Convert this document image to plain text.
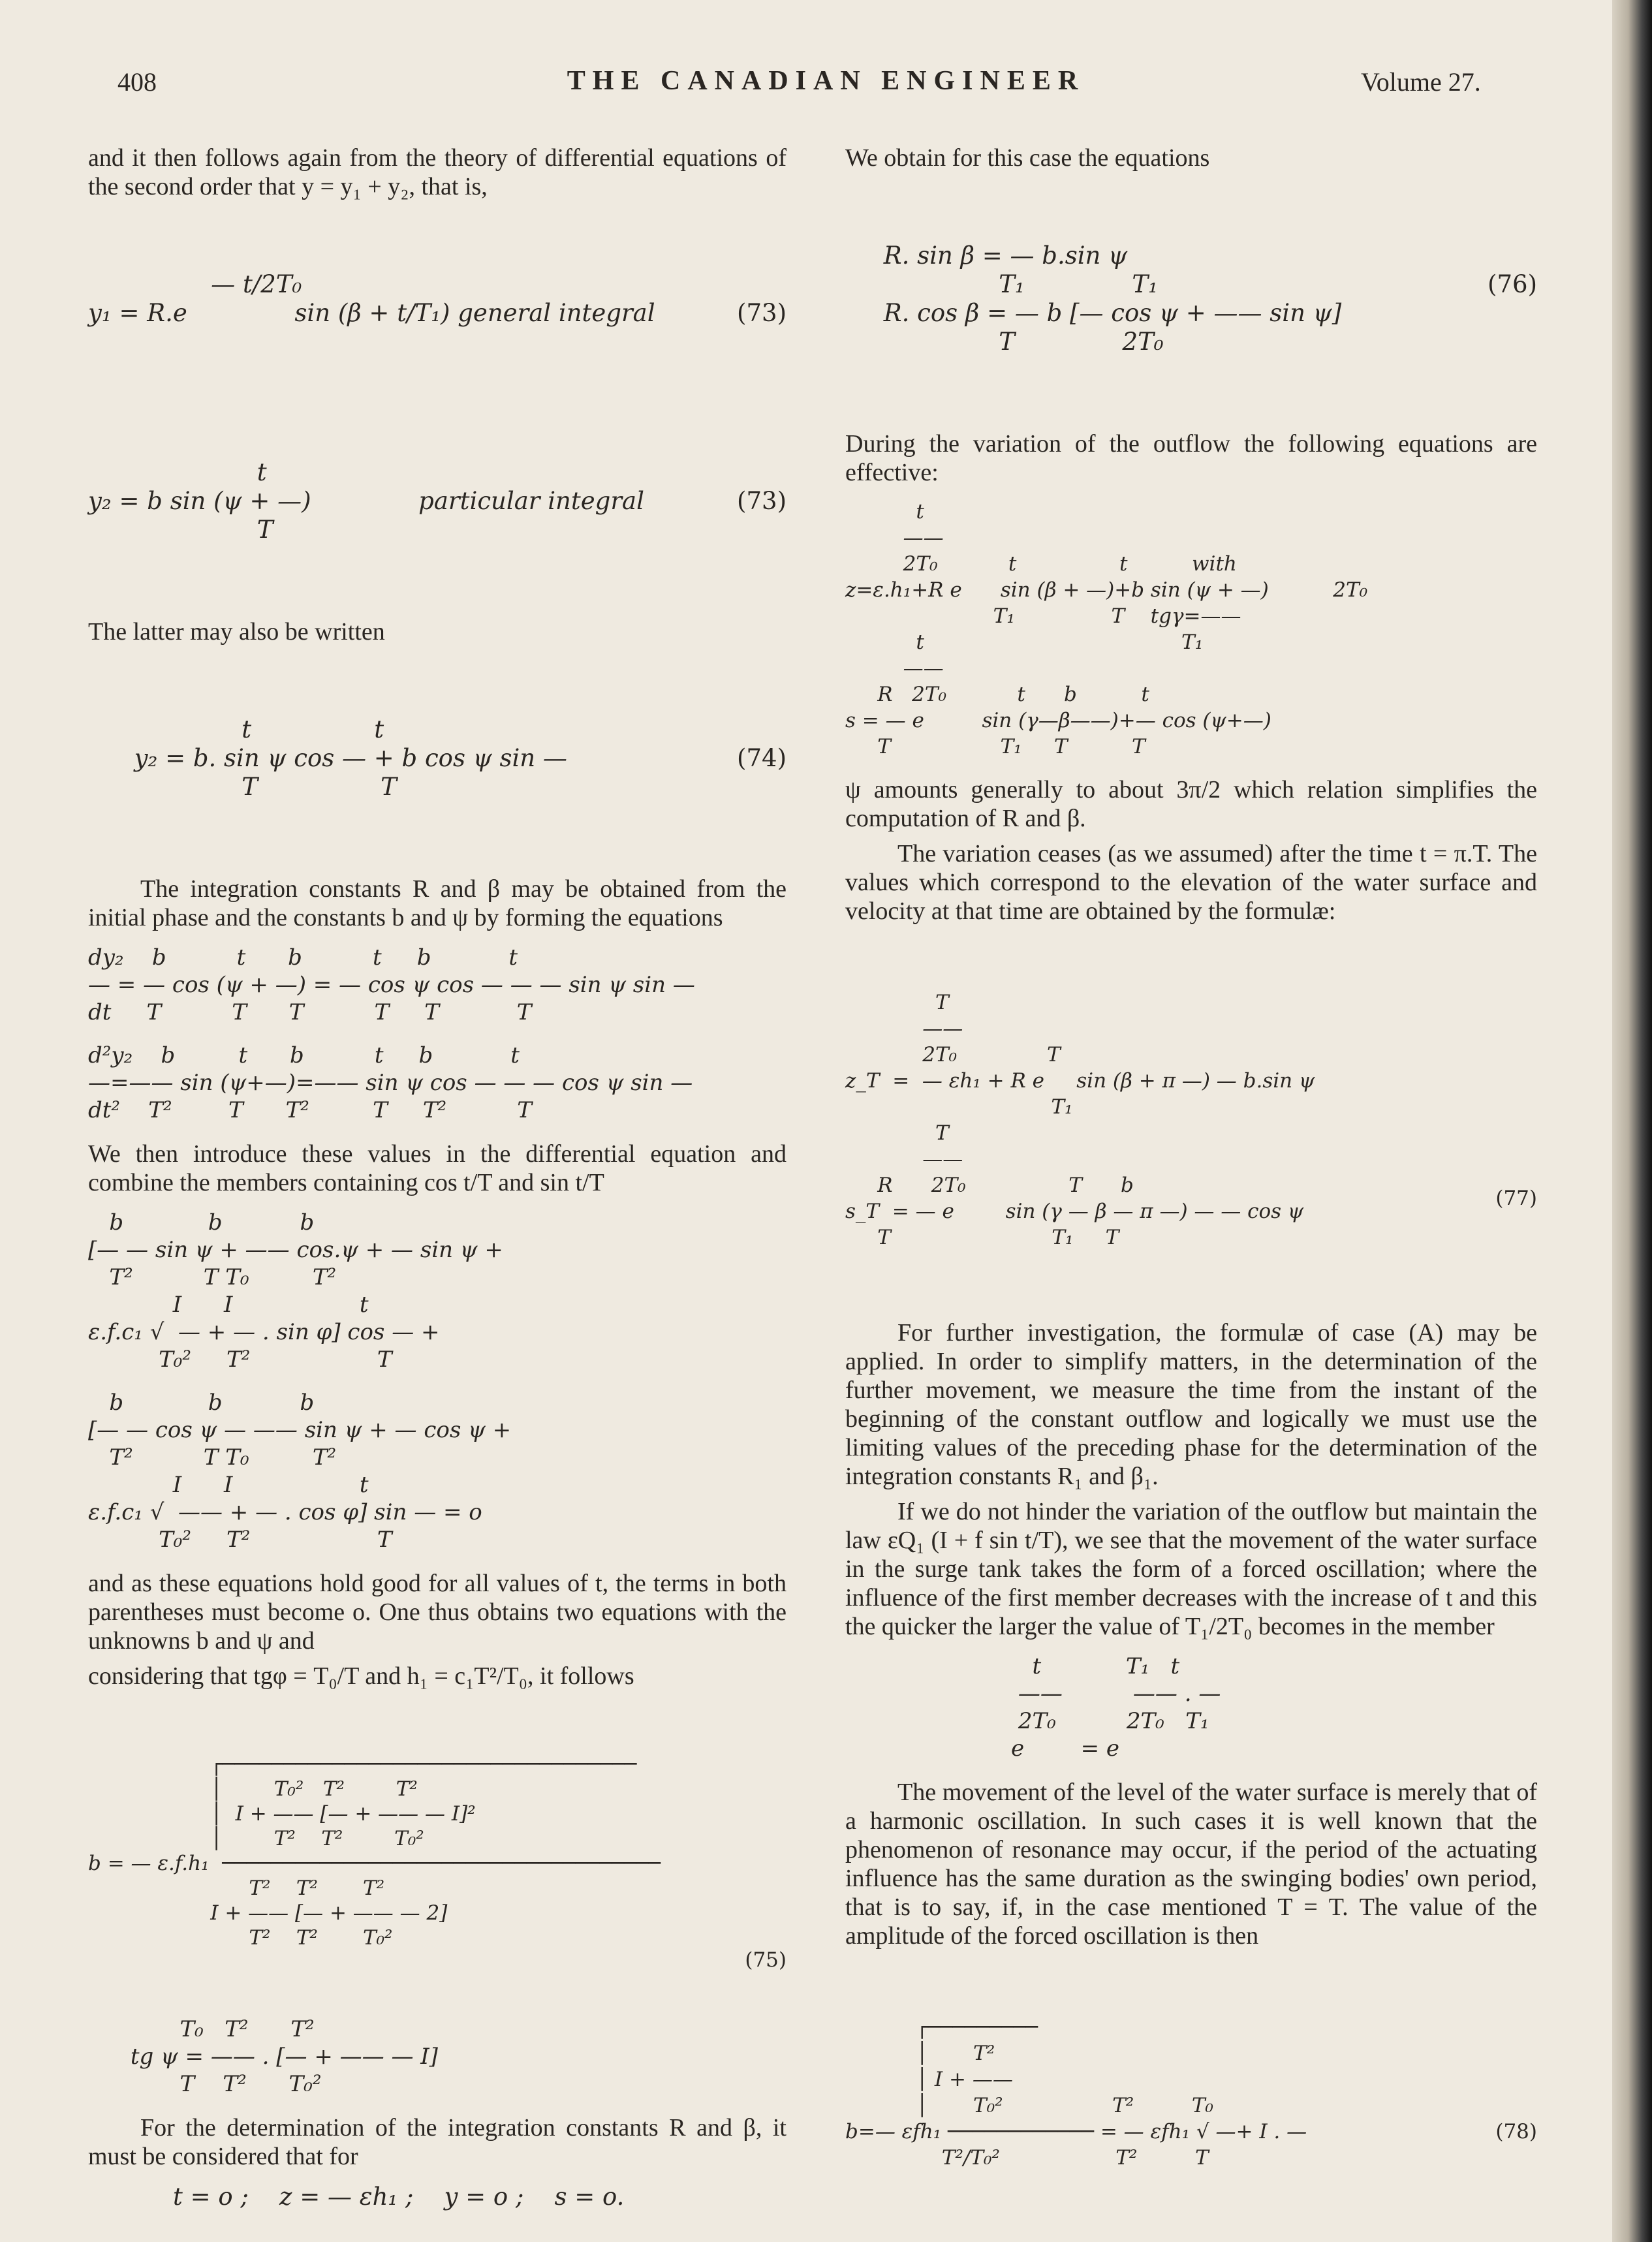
408	THE CANADIAN ENGINEER	Volume 27.

and it then follows again from the theory of differential equations of the second order that y = y₁ + y₂, that is,

— t/2T₀
y₁ = R.e              sin (β + t/T₁) general integral	(73)

t
y₂ = b sin (ψ + —)              particular integral
T
(73)

The latter may also be written

t                t
y₂ = b. sin ψ cos — + b cos ψ sin —
T                T
(74)

The integration constants R and β may be obtained from the initial phase and the constants b and ψ by forming the equations

dy₂    b          t      b          t     b           t
— = — cos (ψ + —) = — cos ψ cos — — — sin ψ sin —
dt     T          T      T          T     T           T
d²y₂    b         t      b          t     b           t
—=—— sin (ψ+—)=—— sin ψ cos — — — cos ψ sin —
dt²    T²        T      T²         T     T²          T

We then introduce these values in the differential equation and combine the members containing cos t/T and sin t/T

b            b           b
[— — sin ψ + —— cos.ψ + — sin ψ +
T²          T T₀         T²
I      I                  t
ε.f.c₁ √  — + — . sin φ] cos — +
T₀²     T²                  T
b            b           b
[— — cos ψ — —— sin ψ + — cos ψ +
T²          T T₀         T²
I      I                  t
ε.f.c₁ √  —— + — . cos φ] sin — = o
T₀²     T²                  T

and as these equations hold good for all values of t, the terms in both parentheses must become o. One thus obtains two equations with the unknowns b and ψ and

considering that tgφ = T₀/T and h₁ = c₁T²/T₀, it follows

┌──────────────────────────────────
│        T₀²   T²        T²
│  I + —— [— + —— — I]²
│        T²    T²        T₀²
b = — ε.f.h₁  ────────────────────────────────────
T²    T²       T²
I + —— [— + —— — 2]
T²    T²       T₀²
(75)

T₀   T²      T²
tg ψ = —— . [— + —— — I]
T    T²      T₀²

For the determination of the integration constants R and β, it must be considered that for

t = o ;    z = — εh₁ ;    y = o ;    s = o.

We obtain for this case the equations

R. sin β = — b.sin ψ
T₁              T₁
R. cos β = — b [— cos ψ + —— sin ψ]
T              2T₀
(76)

During the variation of the outflow the following equations are effective:

t
——
2T₀           t                t          with
z=ε.h₁+R e      sin (β + —)+b sin (ψ + —)          2T₀
T₁               T    tgγ=——
t                                        T₁
——
R   2T₀           t      b          t
s = — e         sin (γ—β——)+— cos (ψ+—)
T                 T₁     T          T

ψ amounts generally to about 3π/2 which relation simplifies the computation of R and β.

The variation ceases (as we assumed) after the time t = π.T. The values which correspond to the elevation of the water surface and velocity at that time are obtained by the formulæ:

T
——
2T₀              T
z_T  =  — εh₁ + R e     sin (β + π —) — b.sin ψ
T₁
T
——
R      2T₀                T      b
s_T  = — e        sin (γ — β — π —) — — cos ψ
T                         T₁     T
(77)

For further investigation, the formulæ of case (A) may be applied. In order to simplify matters, in the determination of the further movement, we measure the time from the instant of the beginning of the constant outflow and logically we must use the limiting values of the preceding phase for the determination of the integration constants R₁ and β₁.

If we do not hinder the variation of the outflow but maintain the law εQ₁ (I + f sin t/T), we see that the movement of the water surface in the surge tank takes the form of a forced oscillation; where the influence of the first member decreases with the increase of t and this the quicker the larger the value of T₁/2T₀ becomes in the member

t            T₁   t
——          —— . —
2T₀          2T₀   T₁
e        = e

The movement of the level of the water surface is merely that of a harmonic oscillation. In such cases it is well known that the phenomenon of resonance may occur, if the period of the actuating influence has the same duration as the swinging bodies' own period, that is to say, if, in the case mentioned T = T. The value of the amplitude of the forced oscillation is then

┌─────────
│       T²
│ I + ——
│       T₀²                 T²         T₀
b=— εfh₁ ──────────── = — εfh₁ √ —+ I . —
T²/T₀²                  T²         T
(78)
